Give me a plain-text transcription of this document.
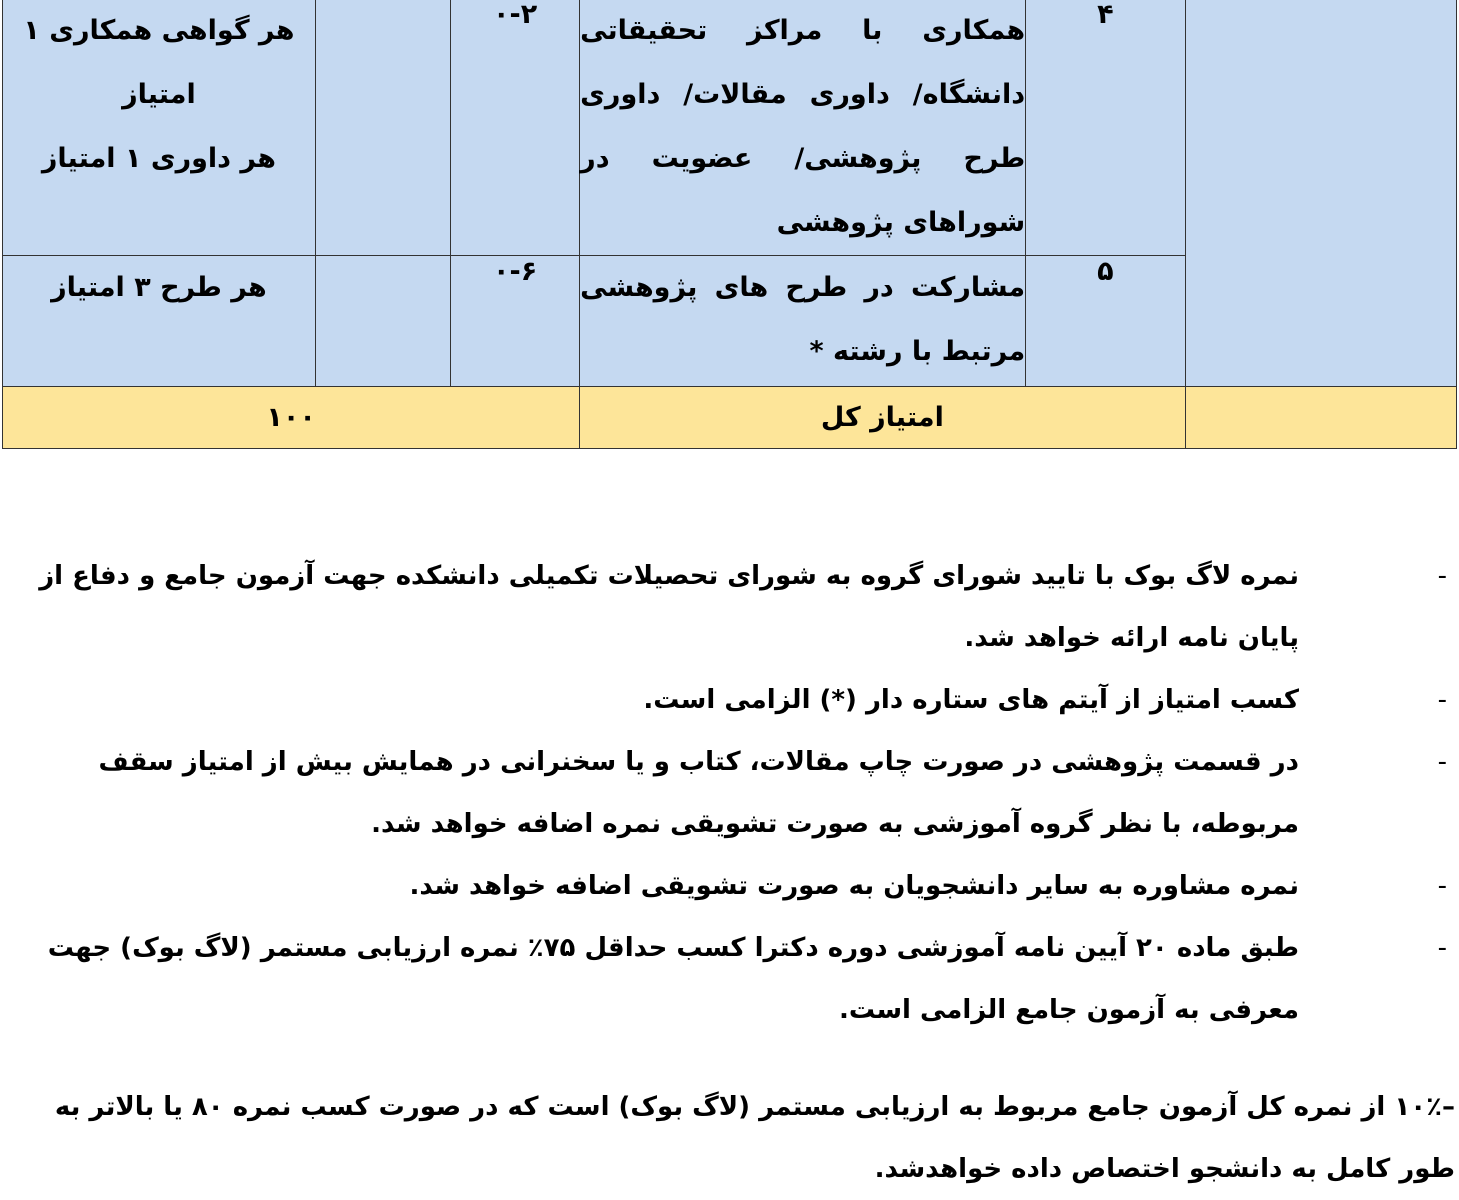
	۴	همکاری با مراکز تحقیقاتی دانشگاه/ داوری مقالات/ داوری طرح پژوهشی/ عضویت در شوراهای پژوهشی	۰-۲		هر گواهی همکاری ۱
امتیاز
هر داوری ۱ امتیاز

	۵	مشارکت در طرح های پژوهشی مرتبط با رشته *	۰-۶		هر طرح ۳ امتیاز

	امتیاز کل		۱۰۰		
- نمره لاگ بوک با تایید شورای گروه به شورای تحصیلات تکمیلی دانشکده جهت آزمون جامع و دفاع از پایان نامه ارائه خواهد شد.
- کسب امتیاز از آیتم های ستاره دار (*) الزامی است.
- در قسمت پژوهشی در صورت چاپ مقالات، کتاب و یا سخنرانی در همایش بیش از امتیاز سقف مربوطه، با نظر گروه آموزشی به صورت تشویقی نمره اضافه خواهد شد.
- نمره مشاوره به سایر دانشجویان به صورت تشویقی اضافه خواهد شد.
- طبق ماده ۲۰ آیین نامه آموزشی دوره دکترا کسب حداقل ۷۵٪ نمره ارزیابی مستمر (لاگ بوک) جهت معرفی به آزمون جامع الزامی است.

–۱۰٪ از نمره کل آزمون جامع مربوط به ارزیابی مستمر (لاگ بوک) است که در صورت کسب نمره ۸۰ یا بالاتر به طور کامل به دانشجو اختصاص داده خواهدشد.
